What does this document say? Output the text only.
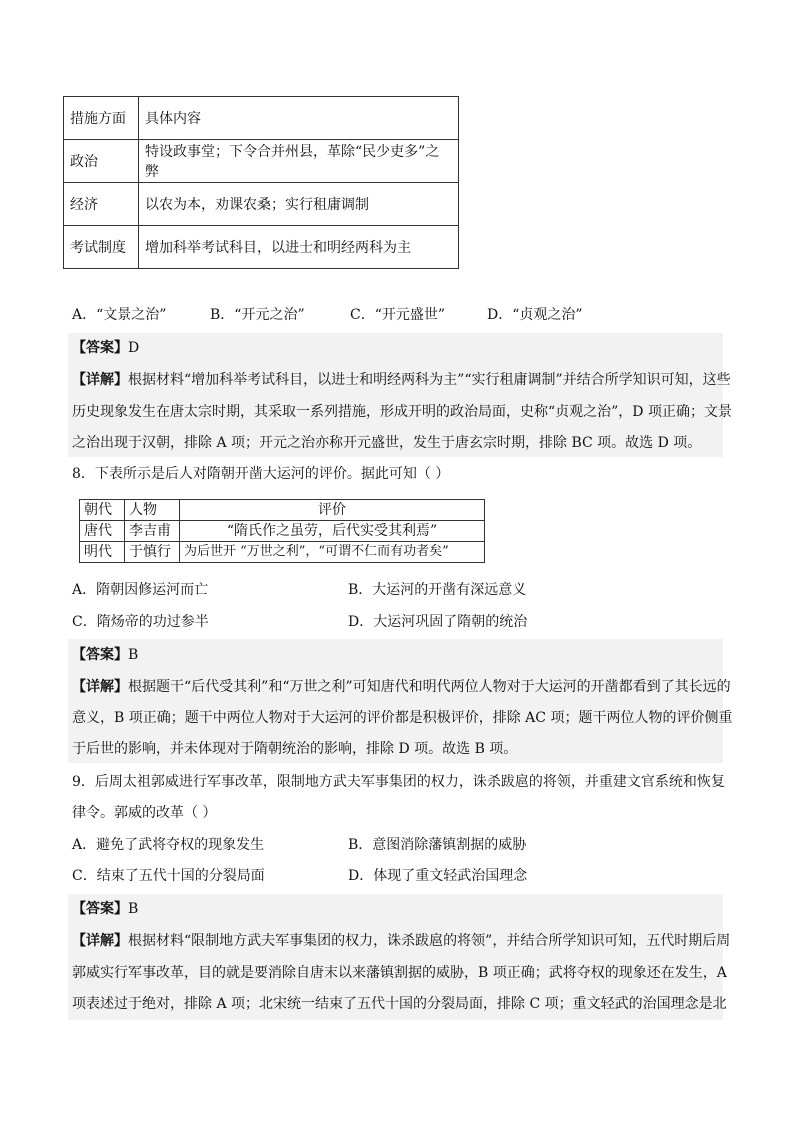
措施方面	具体内容
政治	特设政事堂；下令合并州县，革除“民少吏多”之弊
经济	以农为本，劝课农桑；实行租庸调制
考试制度	增加科举考试科目，以进士和明经两科为主
A．“文景之治”	B．“开元之治”	C．“开元盛世”	D．“贞观之治”
【答案】D
【详解】根据材料“增加科举考试科目，以进士和明经两科为主”“实行租庸调制”并结合所学知识可知，这些
历史现象发生在唐太宗时期，其采取一系列措施，形成开明的政治局面，史称“贞观之治”，D 项正确；文景
之治出现于汉朝，排除 A 项；开元之治亦称开元盛世，发生于唐玄宗时期，排除 BC 项。故选 D 项。
8．下表所示是后人对隋朝开凿大运河的评价。据此可知（ ）
朝代	人物	评价
唐代	李吉甫	“隋氏作之虽劳，后代实受其利焉”
明代	于慎行	为后世开 “万世之利”，“可谓不仁而有功者矣”
A．隋朝因修运河而亡	B．大运河的开凿有深远意义
C．隋炀帝的功过参半	D．大运河巩固了隋朝的统治
【答案】B
【详解】根据题干“后代受其利”和“万世之利”可知唐代和明代两位人物对于大运河的开凿都看到了其长远的
意义，B 项正确；题干中两位人物对于大运河的评价都是积极评价，排除 AC 项；题干两位人物的评价侧重
于后世的影响，并未体现对于隋朝统治的影响，排除 D 项。故选 B 项。
9．后周太祖郭威进行军事改革，限制地方武夫军事集团的权力，诛杀跋扈的将领，并重建文官系统和恢复
律令。郭威的改革（ ）
A．避免了武将夺权的现象发生	B．意图消除藩镇割据的威胁
C．结束了五代十国的分裂局面	D．体现了重文轻武治国理念
【答案】B
【详解】根据材料“限制地方武夫军事集团的权力，诛杀跋扈的将领”，并结合所学知识可知，五代时期后周
郭威实行军事改革，目的就是要消除自唐末以来藩镇割据的威胁，B 项正确；武将夺权的现象还在发生，A
项表述过于绝对，排除 A 项；北宋统一结束了五代十国的分裂局面，排除 C 项；重文轻武的治国理念是北
